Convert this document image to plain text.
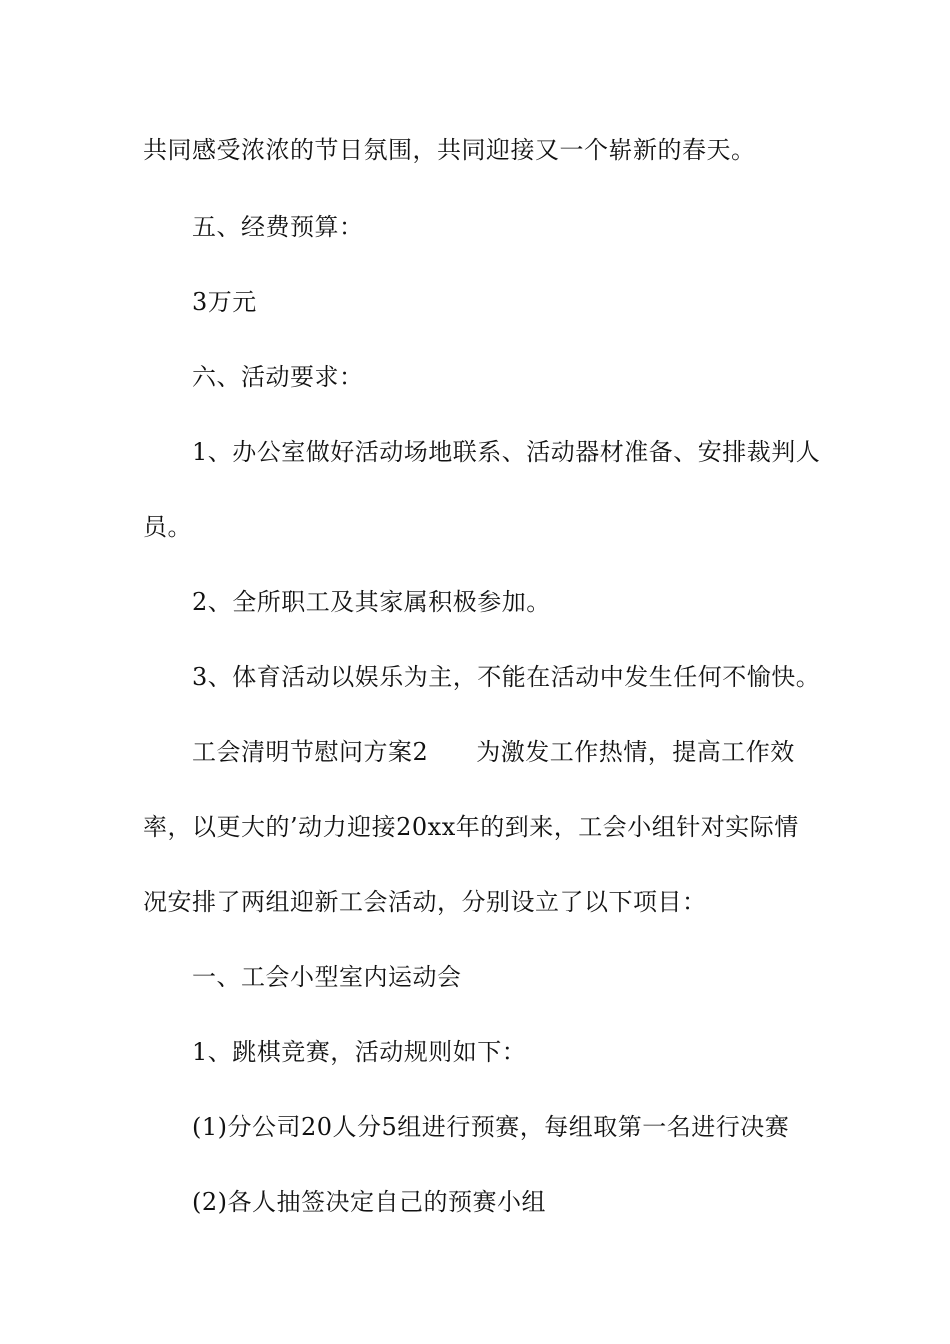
共同感受浓浓的节日氛围，共同迎接又一个崭新的春天。
五、经费预算：
3万元
六、活动要求：
1、办公室做好活动场地联系、活动器材准备、安排裁判人
员。
2、全所职工及其家属积极参加。
3、体育活动以娱乐为主，不能在活动中发生任何不愉快。
工会清明节慰问方案2 为激发工作热情，提高工作效
率，以更大的’动力迎接20xx年的到来，工会小组针对实际情
况安排了两组迎新工会活动，分别设立了以下项目：
一、工会小型室内运动会
1、跳棋竞赛，活动规则如下：
(1)分公司20人分5组进行预赛，每组取第一名进行决赛
(2)各人抽签决定自己的预赛小组
